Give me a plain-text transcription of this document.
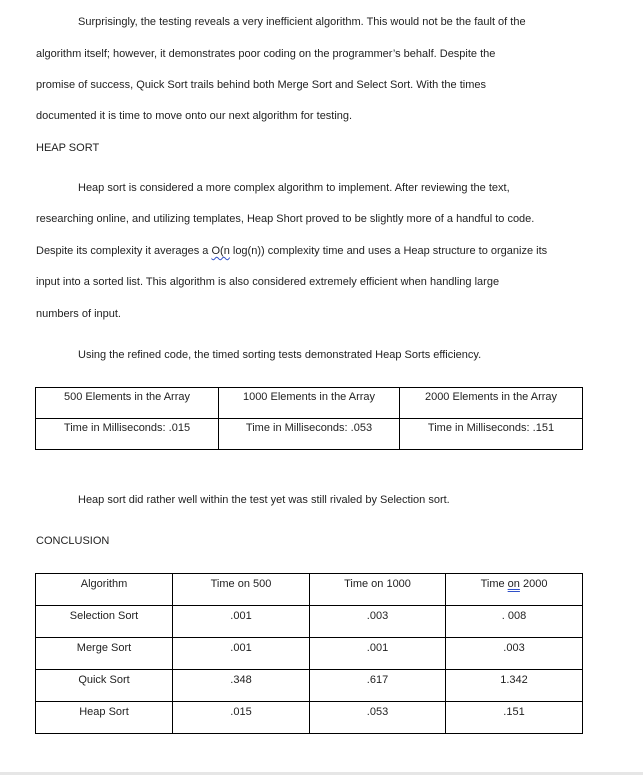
Surprisingly, the testing reveals a very inefficient algorithm. This would not be the fault of the
algorithm itself; however, it demonstrates poor coding on the programmer’s behalf. Despite the
promise of success, Quick Sort trails behind both Merge Sort and Select Sort. With the times
documented it is time to move onto our next algorithm for testing.
HEAP SORT
Heap sort is considered a more complex algorithm to implement. After reviewing the text,
researching online, and utilizing templates, Heap Short proved to be slightly more of a handful to code.
Despite its complexity it averages a O(n log(n)) complexity time and uses a Heap structure to organize its
input into a sorted list. This algorithm is also considered extremely efficient when handling large
numbers of input.
Using the refined code, the timed sorting tests demonstrated Heap Sorts efficiency.
500 Elements in the Array	1000 Elements in the Array	2000 Elements in the Array
Time in Milliseconds: .015	Time in Milliseconds: .053	Time in Milliseconds: .151
Heap sort did rather well within the test yet was still rivaled by Selection sort.
CONCLUSION
Algorithm	Time on 500	Time on 1000	Time on 2000
Selection Sort	.001	.003	. 008
Merge Sort	.001	.001	.003
Quick Sort	.348	.617	1.342
Heap Sort	.015	.053	.151
